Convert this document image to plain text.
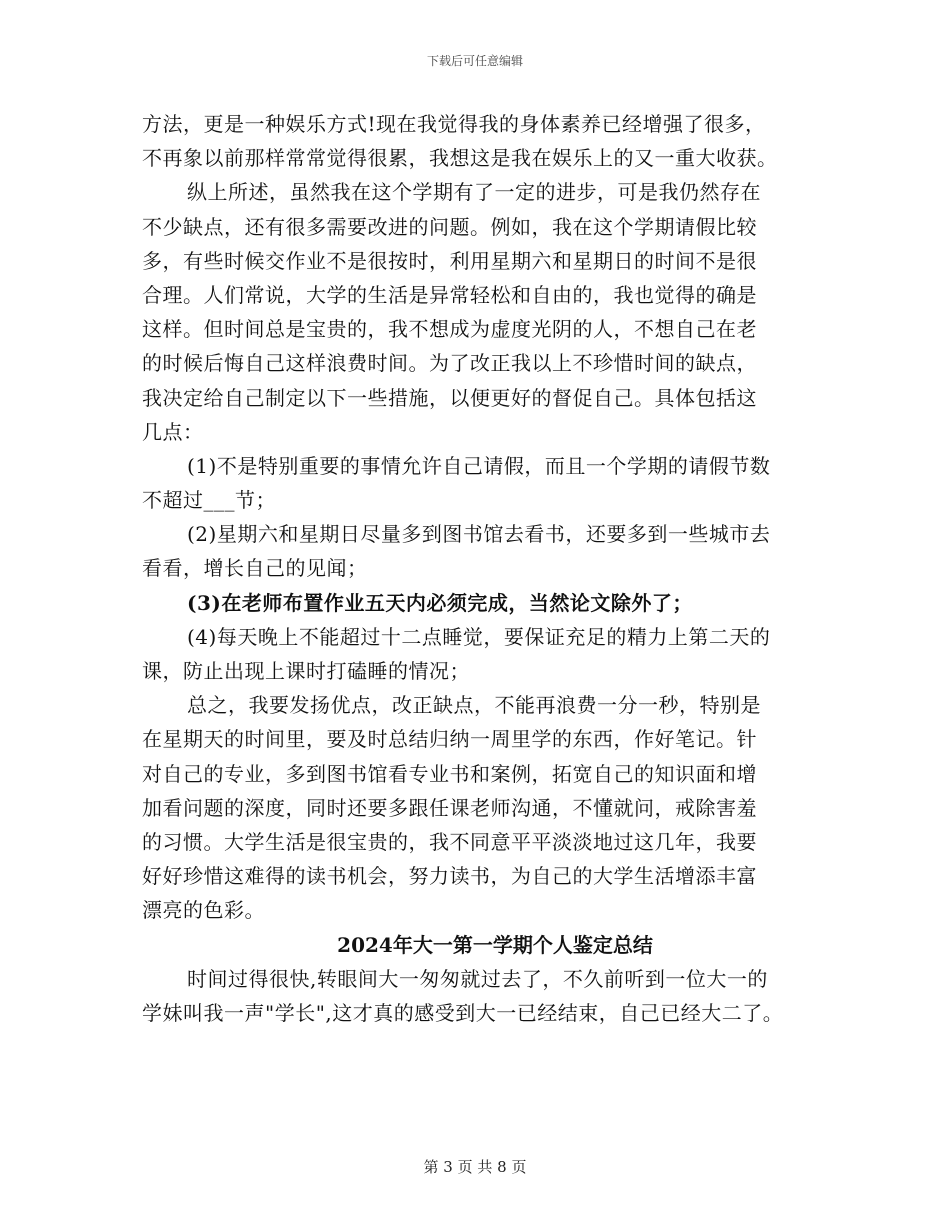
下载后可任意编辑
方法，更是一种娱乐方式!现在我觉得我的身体素养已经增强了很多，
不再象以前那样常常觉得很累，我想这是我在娱乐上的又一重大收获。
纵上所述，虽然我在这个学期有了一定的进步，可是我仍然存在
不少缺点，还有很多需要改进的问题。例如，我在这个学期请假比较
多，有些时候交作业不是很按时，利用星期六和星期日的时间不是很
合理。人们常说，大学的生活是异常轻松和自由的，我也觉得的确是
这样。但时间总是宝贵的，我不想成为虚度光阴的人，不想自己在老
的时候后悔自己这样浪费时间。为了改正我以上不珍惜时间的缺点，
我决定给自己制定以下一些措施，以便更好的督促自己。具体包括这
几点：
(1)不是特别重要的事情允许自己请假，而且一个学期的请假节数
不超过___节；
(2)星期六和星期日尽量多到图书馆去看书，还要多到一些城市去
看看，增长自己的见闻；
(3)在老师布置作业五天内必须完成，当然论文除外了；
(4)每天晚上不能超过十二点睡觉，要保证充足的精力上第二天的
课，防止出现上课时打磕睡的情况；
总之，我要发扬优点，改正缺点，不能再浪费一分一秒，特别是
在星期天的时间里，要及时总结归纳一周里学的东西，作好笔记。针
对自己的专业，多到图书馆看专业书和案例，拓宽自己的知识面和增
加看问题的深度，同时还要多跟任课老师沟通，不懂就问，戒除害羞
的习惯。大学生活是很宝贵的，我不同意平平淡淡地过这几年，我要
好好珍惜这难得的读书机会，努力读书，为自己的大学生活增添丰富
漂亮的色彩。
2024年大一第一学期个人鉴定总结
时间过得很快,转眼间大一匆匆就过去了，不久前听到一位大一的
学妹叫我一声"学长",这才真的感受到大一已经结束，自己已经大二了。
第 3 页 共 8 页
